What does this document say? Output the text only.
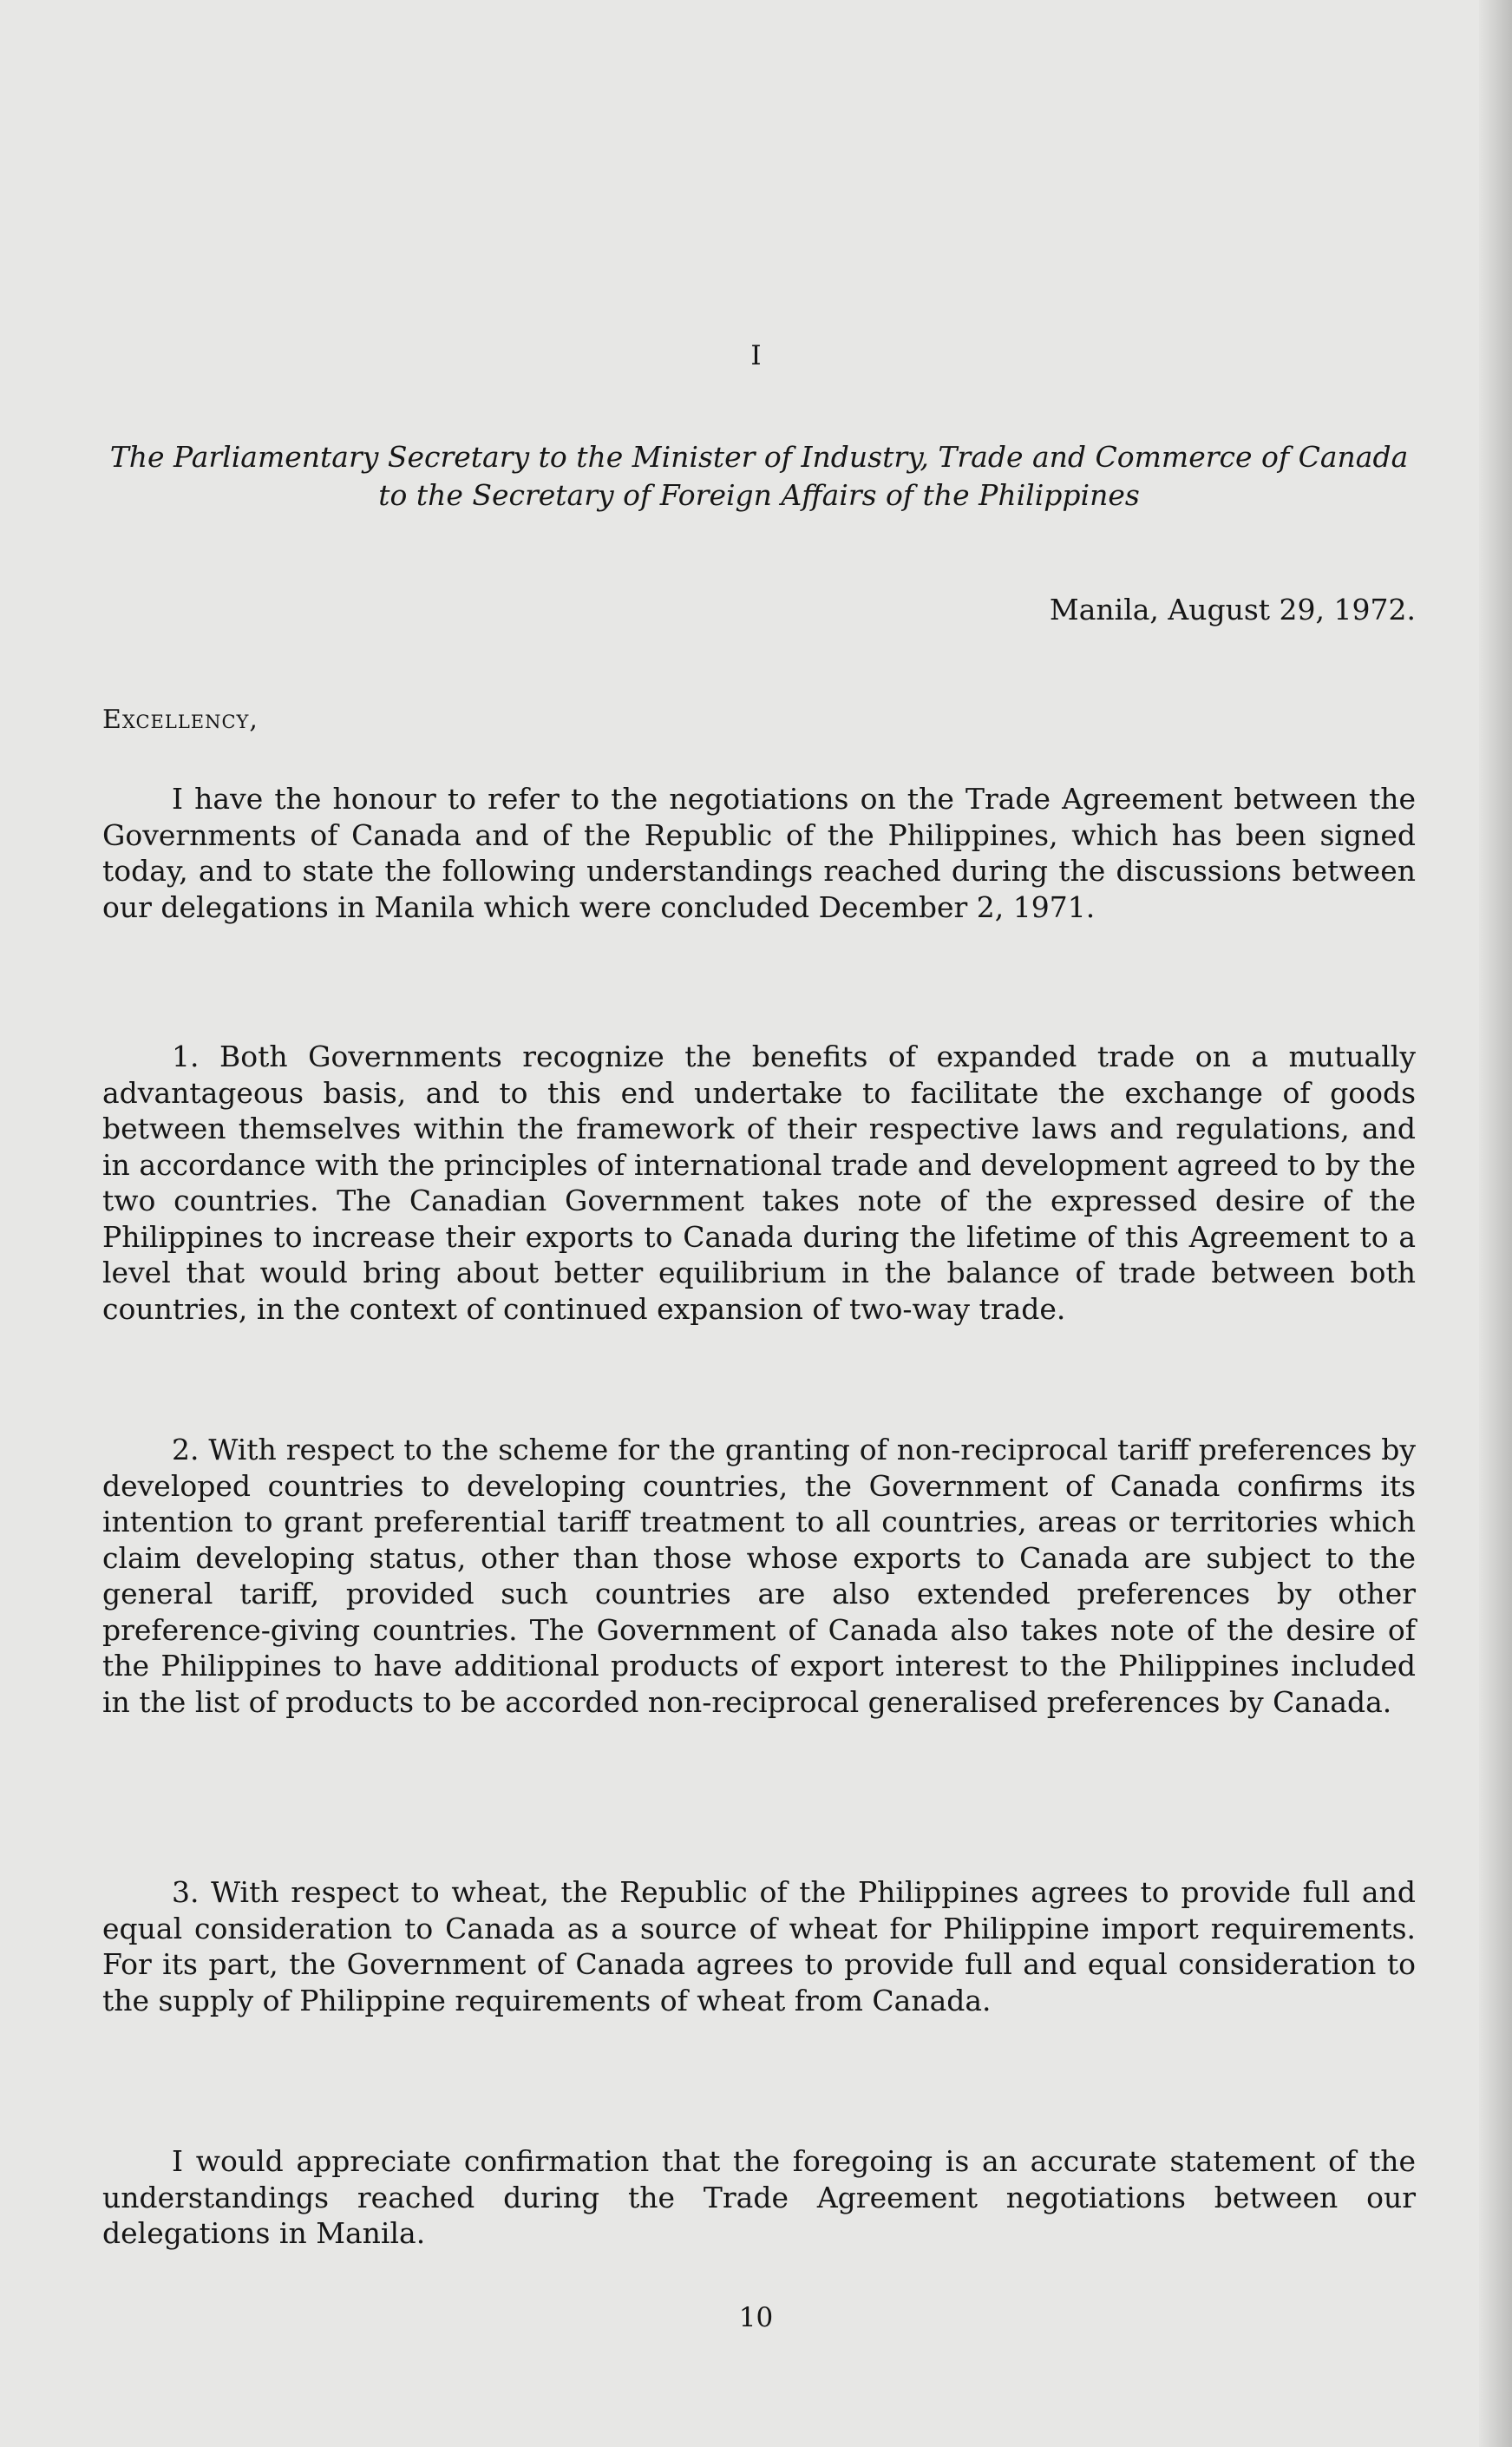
I
The Parliamentary Secretary to the Minister of Industry, Trade and Commerce of Canada to the Secretary of Foreign Affairs of the Philippines
Manila, August 29, 1972.
Excellency,

I have the honour to refer to the negotiations on the Trade Agreement between the Governments of Canada and of the Republic of the Philippines, which has been signed today, and to state the following understandings reached during the discussions between our delegations in Manila which were concluded December 2, 1971.

1. Both Governments recognize the benefits of expanded trade on a mutually advantageous basis, and to this end undertake to facilitate the exchange of goods between themselves within the framework of their respective laws and regulations, and in accordance with the principles of international trade and development agreed to by the two countries. The Canadian Government takes note of the expressed desire of the Philippines to increase their exports to Canada during the lifetime of this Agreement to a level that would bring about better equilibrium in the balance of trade between both countries, in the context of continued expansion of two-way trade.

2. With respect to the scheme for the granting of non-reciprocal tariff preferences by developed countries to developing countries, the Government of Canada confirms its intention to grant preferential tariff treatment to all countries, areas or territories which claim developing status, other than those whose exports to Canada are subject to the general tariff, provided such countries are also extended preferences by other preference-giving countries. The Government of Canada also takes note of the desire of the Philippines to have additional products of export interest to the Philippines included in the list of products to be accorded non-reciprocal generalised preferences by Canada.

3. With respect to wheat, the Republic of the Philippines agrees to provide full and equal consideration to Canada as a source of wheat for Philippine import requirements. For its part, the Government of Canada agrees to provide full and equal consideration to the supply of Philippine requirements of wheat from Canada.

I would appreciate confirmation that the foregoing is an accurate statement of the understandings reached during the Trade Agreement negotiations between our delegations in Manila.

10
